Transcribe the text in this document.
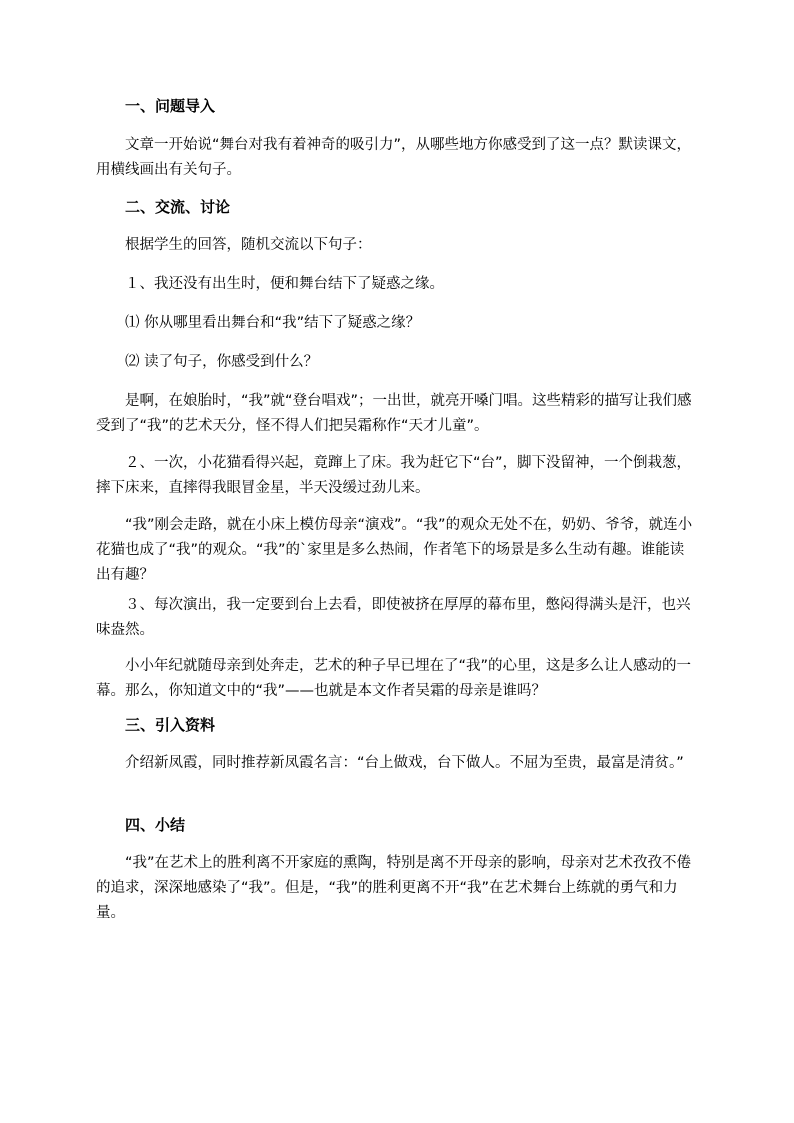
一、问题导入

文章一开始说“舞台对我有着神奇的吸引力”，从哪些地方你感受到了这一点？默读课文，用横线画出有关句子。

二、交流、讨论

根据学生的回答，随机交流以下句子：

１、我还没有出生时，便和舞台结下了疑惑之缘。

⑴ 你从哪里看出舞台和“我”结下了疑惑之缘？

⑵ 读了句子，你感受到什么？

是啊，在娘胎时，“我”就“登台唱戏”；一出世，就亮开嗓门唱。这些精彩的描写让我们感受到了“我”的艺术天分，怪不得人们把吴霜称作“天才儿童”。

２、一次，小花猫看得兴起，竟蹿上了床。我为赶它下“台”，脚下没留神，一个倒栽葱，摔下床来，直摔得我眼冒金星，半天没缓过劲儿来。

“我”刚会走路，就在小床上模仿母亲“演戏”。“我”的观众无处不在，奶奶、爷爷，就连小花猫也成了“我”的观众。“我”的`家里是多么热闹，作者笔下的场景是多么生动有趣。谁能读出有趣？

３、每次演出，我一定要到台上去看，即使被挤在厚厚的幕布里，憋闷得满头是汗，也兴味盎然。

小小年纪就随母亲到处奔走，艺术的种子早已埋在了“我”的心里，这是多么让人感动的一幕。那么，你知道文中的“我”——也就是本文作者吴霜的母亲是谁吗？

三、引入资料

介绍新凤霞，同时推荐新凤霞名言：“台上做戏，台下做人。不屈为至贵，最富是清贫。”

四、小结

“我”在艺术上的胜利离不开家庭的熏陶，特别是离不开母亲的影响，母亲对艺术孜孜不倦的追求，深深地感染了“我”。但是，“我”的胜利更离不开“我”在艺术舞台上练就的勇气和力量。
